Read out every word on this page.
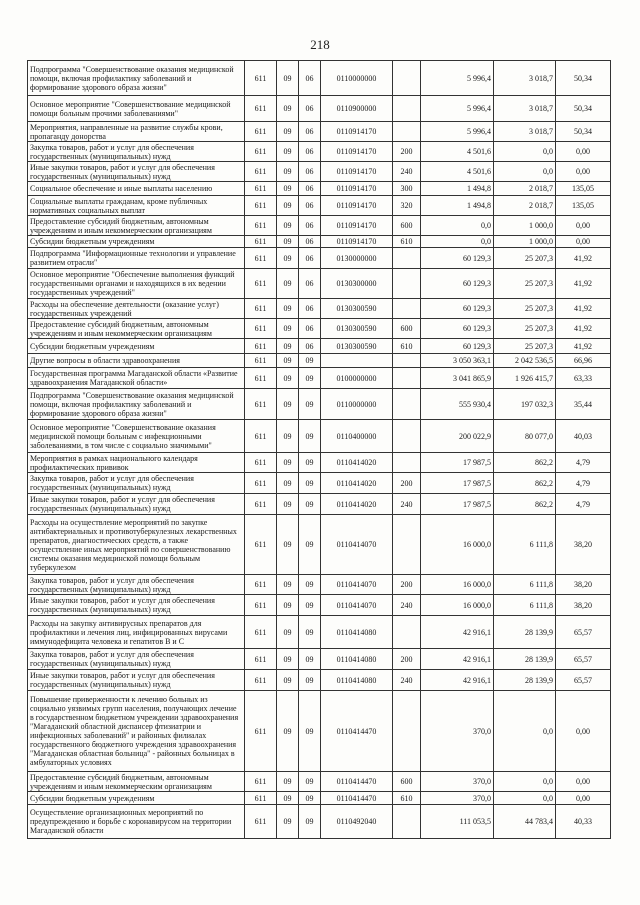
218
Подпрограмма "Совершенствование оказания медицинской помощи, включая профилактику заболеваний и формирование здорового образа жизни"	611	09	06	0110000000		5 996,4	3 018,7	50,34
Основное мероприятие "Совершенствование медицинской помощи больным прочими заболеваниями"	611	09	06	0110900000		5 996,4	3 018,7	50,34
Мероприятия, направленные на развитие службы крови, пропаганду донорства	611	09	06	0110914170		5 996,4	3 018,7	50,34
Закупка товаров, работ и услуг для обеспечения государственных (муниципальных) нужд	611	09	06	0110914170	200	4 501,6	0,0	0,00
Иные закупки товаров, работ и услуг для обеспечения государственных (муниципальных) нужд	611	09	06	0110914170	240	4 501,6	0,0	0,00
Социальное обеспечение и иные выплаты населению	611	09	06	0110914170	300	1 494,8	2 018,7	135,05
Социальные выплаты гражданам, кроме публичных нормативных социальных выплат	611	09	06	0110914170	320	1 494,8	2 018,7	135,05
Предоставление субсидий бюджетным, автономным учреждениям и иным некоммерческим организациям	611	09	06	0110914170	600	0,0	1 000,0	0,00
Субсидии бюджетным учреждениям	611	09	06	0110914170	610	0,0	1 000,0	0,00
Подпрограмма "Информационные технологии и управление развитием отрасли"	611	09	06	0130000000		60 129,3	25 207,3	41,92
Основное мероприятие "Обеспечение выполнения функций государственными органами и находящихся в их ведении государственных учреждений"	611	09	06	0130300000		60 129,3	25 207,3	41,92
Расходы на обеспечение деятельности (оказание услуг) государственных учреждений	611	09	06	0130300590		60 129,3	25 207,3	41,92
Предоставление субсидий бюджетным, автономным учреждениям и иным некоммерческим организациям	611	09	06	0130300590	600	60 129,3	25 207,3	41,92
Субсидии бюджетным учреждениям	611	09	06	0130300590	610	60 129,3	25 207,3	41,92
Другие вопросы в области здравоохранения	611	09	09			3 050 363,1	2 042 536,5	66,96
Государственная программа Магаданской области «Развитие здравоохранения Магаданской области»	611	09	09	0100000000		3 041 865,9	1 926 415,7	63,33
Подпрограмма "Совершенствование оказания медицинской помощи, включая профилактику заболеваний и формирование здорового образа жизни"	611	09	09	0110000000		555 930,4	197 032,3	35,44
Основное мероприятие "Совершенствование оказания медицинской помощи больным с инфекционными заболеваниями, в том числе с социально значимыми"	611	09	09	0110400000		200 022,9	80 077,0	40,03
Мероприятия в рамках национального календаря профилактических прививок	611	09	09	0110414020		17 987,5	862,2	4,79
Закупка товаров, работ и услуг для обеспечения государственных (муниципальных) нужд	611	09	09	0110414020	200	17 987,5	862,2	4,79
Иные закупки товаров, работ и услуг для обеспечения государственных (муниципальных) нужд	611	09	09	0110414020	240	17 987,5	862,2	4,79
Расходы на осуществление мероприятий по закупке антибактериальных и противотуберкулезных лекарственных препаратов, диагностических средств, а также осуществление иных мероприятий по совершенствованию системы оказания медицинской помощи больным туберкулезом	611	09	09	0110414070		16 000,0	6 111,8	38,20
Закупка товаров, работ и услуг для обеспечения государственных (муниципальных) нужд	611	09	09	0110414070	200	16 000,0	6 111,8	38,20
Иные закупки товаров, работ и услуг для обеспечения государственных (муниципальных) нужд	611	09	09	0110414070	240	16 000,0	6 111,8	38,20
Расходы на закупку антивирусных препаратов для профилактики и лечения лиц, инфицированных вирусами иммунодефицита человека и гепатитов В и С	611	09	09	0110414080		42 916,1	28 139,9	65,57
Закупка товаров, работ и услуг для обеспечения государственных (муниципальных) нужд	611	09	09	0110414080	200	42 916,1	28 139,9	65,57
Иные закупки товаров, работ и услуг для обеспечения государственных (муниципальных) нужд	611	09	09	0110414080	240	42 916,1	28 139,9	65,57
Повышение приверженности к лечению больных из социально уязвимых групп населения, получающих лечение в государственном бюджетном учреждении здравоохранения "Магаданский областной диспансер фтизиатрии и инфекционных заболеваний" и районных филиалах государственного бюджетного учреждения здравоохранения "Магаданская областная больница" - районных больницах в амбулаторных условиях	611	09	09	0110414470		370,0	0,0	0,00
Предоставление субсидий бюджетным, автономным учреждениям и иным некоммерческим организациям	611	09	09	0110414470	600	370,0	0,0	0,00
Субсидии бюджетным учреждениям	611	09	09	0110414470	610	370,0	0,0	0,00
Осуществление организационных мероприятий по предупреждению и борьбе с коронавирусом на территории Магаданской области	611	09	09	0110492040		111 053,5	44 783,4	40,33
